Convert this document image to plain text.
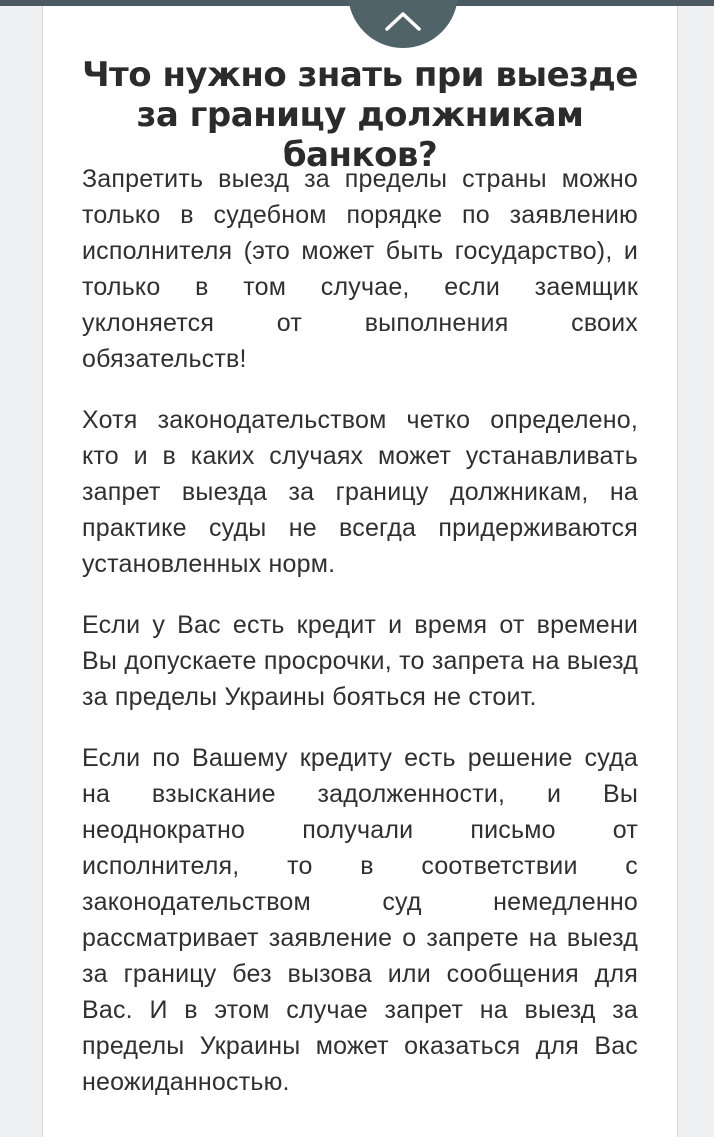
Что нужно знать при выезде за границу должникам банков?

Запретить выезд за пределы страны можно только в судебном порядке по заявлению исполнителя (это может быть государство), и только в том случае, если заемщик уклоняется от выполнения своих обязательств!

Хотя законодательством четко определено, кто и в каких случаях может устанавливать запрет выезда за границу должникам, на практике суды не всегда придерживаются установленных норм.

Если у Вас есть кредит и время от времени Вы допускаете просрочки, то запрета на выезд за пределы Украины бояться не стоит.

Если по Вашему кредиту есть решение суда на взыскание задолженности, и Вы неоднократно получали письмо от исполнителя, то в соответствии с законодательством суд немедленно рассматривает заявление о запрете на выезд за границу без вызова или сообщения для Вас. И в этом случае запрет на выезд за пределы Украины может оказаться для Вас неожиданностью.
